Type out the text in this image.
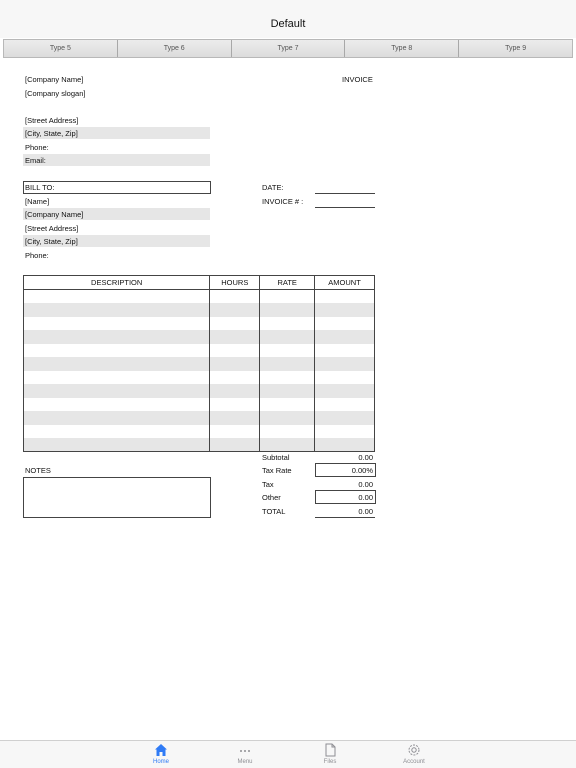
Default
Type 5	Type 6	Type 7	Type 8	Type 9
[Company Name]
[Company slogan]
INVOICE
[Street Address]
[City, State, Zip]
Phone:
Email:
BILL TO:
[Name]
[Company Name]
[Street Address]
[City, State, Zip]
Phone:
DATE:
INVOICE # :
DESCRIPTION	HOURS	RATE	AMOUNT

Subtotal	0.00
Tax Rate	0.00%
Tax	0.00
Other	0.00
TOTAL	0.00
NOTES
Home	Menu	Files	Account
